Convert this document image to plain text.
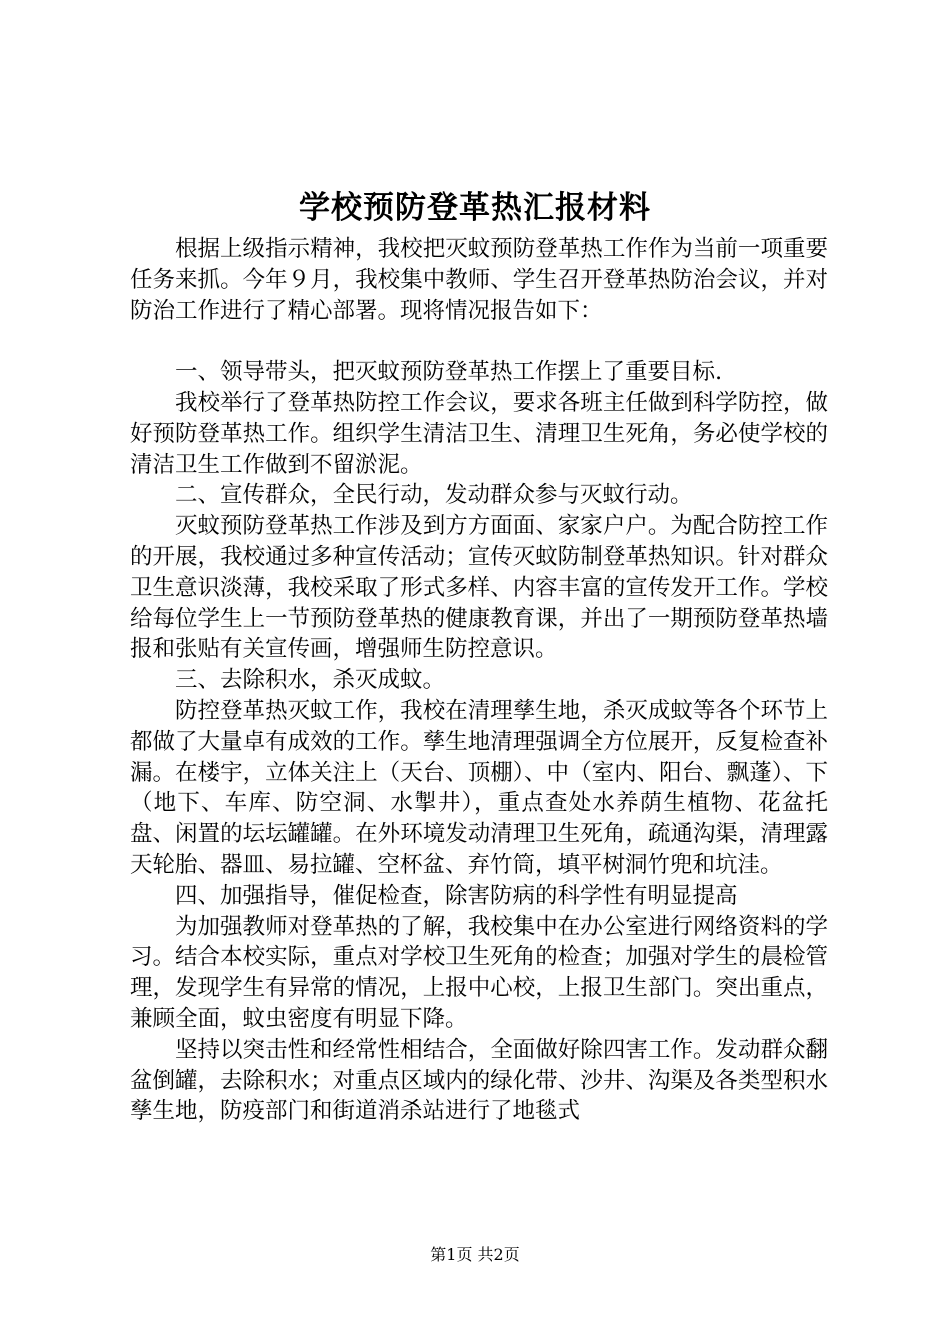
学校预防登革热汇报材料

根据上级指示精神，我校把灭蚊预防登革热工作作为当前一项重要任务来抓。今年９月，我校集中教师、学生召开登革热防治会议，并对防治工作进行了精心部署。现将情况报告如下：

一、领导带头，把灭蚊预防登革热工作摆上了重要目标.

我校举行了登革热防控工作会议，要求各班主任做到科学防控，做好预防登革热工作。组织学生清洁卫生、清理卫生死角，务必使学校的清洁卫生工作做到不留淤泥。

二、宣传群众，全民行动，发动群众参与灭蚊行动。

灭蚊预防登革热工作涉及到方方面面、家家户户。为配合防控工作的开展，我校通过多种宣传活动；宣传灭蚊防制登革热知识。针对群众卫生意识淡薄，我校采取了形式多样、内容丰富的宣传发开工作。学校给每位学生上一节预防登革热的健康教育课，并出了一期预防登革热墙报和张贴有关宣传画，增强师生防控意识。

三、去除积水，杀灭成蚊。

防控登革热灭蚊工作，我校在清理孳生地，杀灭成蚊等各个环节上都做了大量卓有成效的工作。孳生地清理强调全方位展开，反复检查补漏。在楼宇，立体关注上（天台、顶棚）、中（室内、阳台、飘蓬）、下（地下、车库、防空洞、水掣井），重点查处水养荫生植物、花盆托盘、闲置的坛坛罐罐。在外环境发动清理卫生死角，疏通沟渠，清理露天轮胎、器皿、易拉罐、空杯盆、弃竹筒，填平树洞竹兜和坑洼。

四、加强指导，催促检查，除害防病的科学性有明显提高

为加强教师对登革热的了解，我校集中在办公室进行网络资料的学习。结合本校实际，重点对学校卫生死角的检查；加强对学生的晨检管理，发现学生有异常的情况，上报中心校，上报卫生部门。突出重点，兼顾全面，蚊虫密度有明显下降。

坚持以突击性和经常性相结合，全面做好除四害工作。发动群众翻盆倒罐，去除积水；对重点区域内的绿化带、沙井、沟渠及各类型积水孳生地，防疫部门和街道消杀站进行了地毯式

第1页 共2页
